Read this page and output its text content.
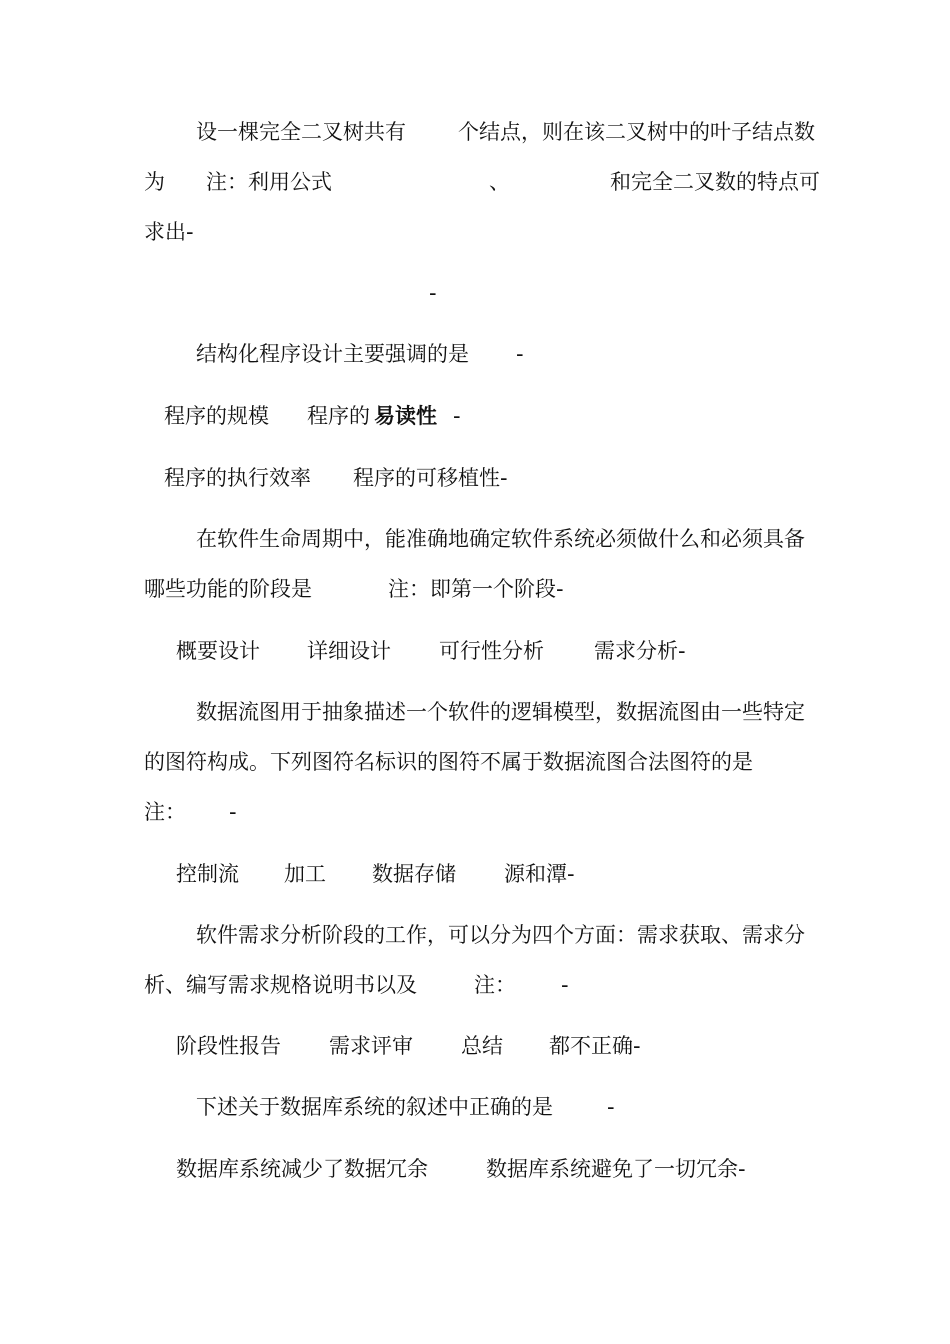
设一棵完全二叉树共有 个结点，则在该二叉树中的叶子结点数
为 注：利用公式	、	和完全二叉数的特点可
求出-
-
结构化程序设计主要强调的是 -
程序的规模 程序的 易读性 -
程序的执行效率 程序的可移植性-
在软件生命周期中，能准确地确定软件系统必须做什么和必须具备
哪些功能的阶段是	注：即第一个阶段-
概要设计 详细设计 可行性分析 需求分析-
数据流图用于抽象描述一个软件的逻辑模型，数据流图由一些特定
的图符构成。下列图符名标识的图符不属于数据流图合法图符的是
注： -
控制流 加工 数据存储 源和潭-
软件需求分析阶段的工作，可以分为四个方面：需求获取、需求分
析、编写需求规格说明书以及	注： -
阶段性报告 需求评审 总结 都不正确-
下述关于数据库系统的叙述中正确的是	-
数据库系统减少了数据冗余	数据库系统避免了一切冗余-
